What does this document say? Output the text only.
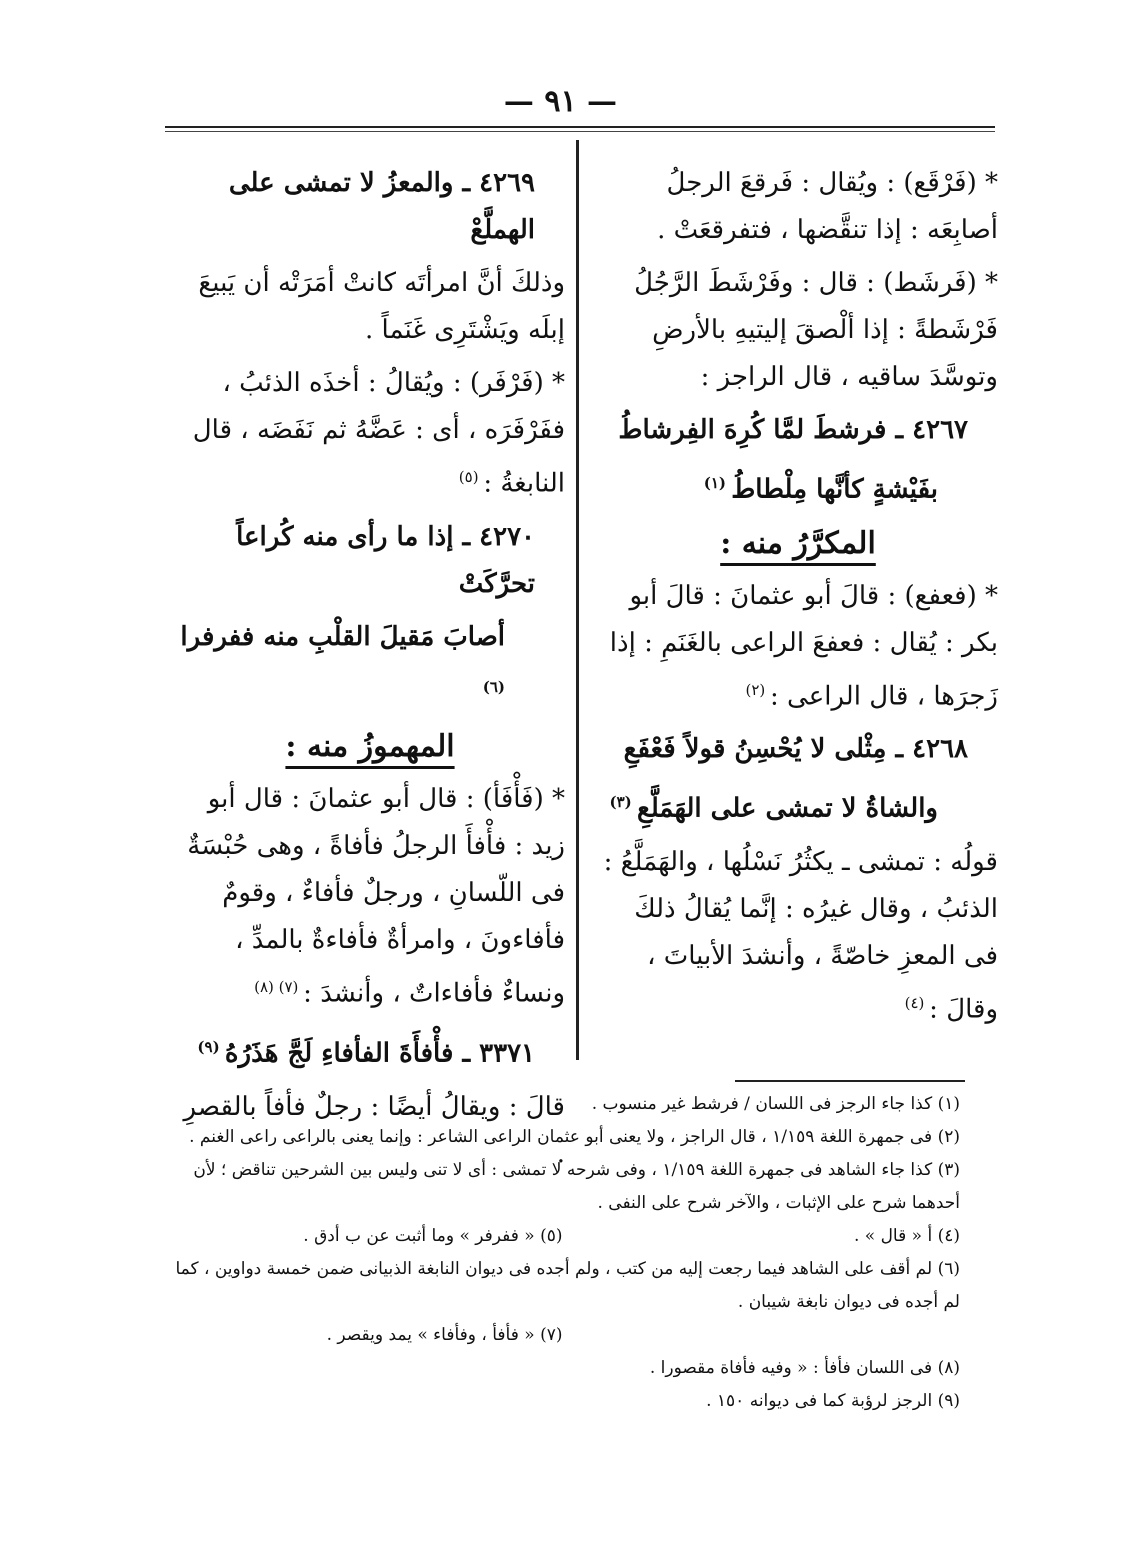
— ٩١ —

* (فَرْقَع) : ويُقال : فَرقعَ الرجلُ أصابِعَه : إذا تنقَّضها ، فتفرقعَتْ .

* (فَرشَط) : قال : وفَرْشَطَ الرَّجُلُ فَرْشَطةً : إذا ألْصقَ إليتيهِ بالأرضِ وتوسَّدَ ساقيه ، قال الراجز :

٤٢٦٧ ـ فرشطَ لمَّا كُرِهَ الفِرشاطُ

بفَيْشةٍ كأنَّها مِلْطاطُ $^{(١)}$

المكرَّرُ منه :

* (فعفع) : قالَ أبو عثمانَ : قالَ أبو بكر : يُقال : فعفعَ الراعى بالغَنَمِ : إذا زَجرَها ، قال الراعى : $^{(٢)}$

٤٢٦٨ ـ مِثْلى لا يُحْسِنُ قولاً فَعْفَعِ

والشاةُ لا تمشى على الهَمَلَّعِ $^{(٣)}$

قولُه : تمشى ـ يكثُرُ نَسْلُها ، والهَمَلَّعُ : الذئبُ ، وقال غيرُه : إنَّما يُقالُ ذلكَ فى المعزِ خاصّةً ، وأنشدَ الأبياتَ ، وقالَ : $^{(٤)}$

٤٢٦٩ ـ والمعزُ لا تمشى على الهملَّعْ

وذلكَ أنَّ امرأتَه كانتْ أمَرَتْه أن يَبيعَ إبلَه ويَشْتَرِى غَنَماً .

* (فَرْفَر) : ويُقالُ : أخذَه الذئبُ ، ففَرْفَرَه ، أى : عَضَّهُ ثم نَفَضَه ، قال النابغةُ : $^{(٥)}$

٤٢٧٠ ـ إذا ما رأى منه كُراعاً تحرَّكَتْ

أصابَ مَقيلَ القلْبِ منه ففرفرا $^{(٦)}$

المهموزُ منه :

* (فَأْفَأ) : قال أبو عثمانَ : قال أبو زيد : فأْفأَ الرجلُ فأفاةً ، وهى حُبْسَةٌ فى اللّسانِ ، ورجلٌ فأفاءٌ ، وقومٌ فأفاءونَ ، وامرأةٌ فأفاءةٌ بالمدِّ ، ونساءٌ فأفاءاتٌ ، وأنشدَ : $^{(٧) (٨)}$

٣٣٧١ ـ فأْفأَةَ الفأفاءِ لَجَّ هَذَرُهُ $^{(٩)}$

قالَ : ويقالُ أيضًا : رجلٌ فأفاً بالقصرِ .

(١) كذا جاء الرجز فى اللسان / فرشط غير منسوب .

(٢) فى جمهرة اللغة ١/١٥٩ ، قال الراجز ، ولا يعنى أبو عثمان الراعى الشاعر : وإنما يعنى بالراعى راعى الغنم .

(٣) كذا جاء الشاهد فى جمهرة اللغة ١/١٥٩ ، وفى شرحه لا تمشى : أى لا تنى وليس بين الشرحين تناقض ؛ لأن أحدهما شرح على الإثبات ، والآخر شرح على النفى .

(٤) أ « قال » .
(٥) « ففرفر » وما أثبت عن ب أدق .

(٦) لم أقف على الشاهد فيما رجعت إليه من كتب ، ولم أجده فى ديوان النابغة الذبيانى ضمن خمسة دواوين ، كما لم أجده فى ديوان نابغة شيبان .

(٧) « فأفأ ، وفأفاء » يمد ويقصر .

(٨) فى اللسان فأفأ : « وفيه فأفاة مقصورا .

(٩) الرجز لرؤبة كما فى ديوانه ١٥٠ .
